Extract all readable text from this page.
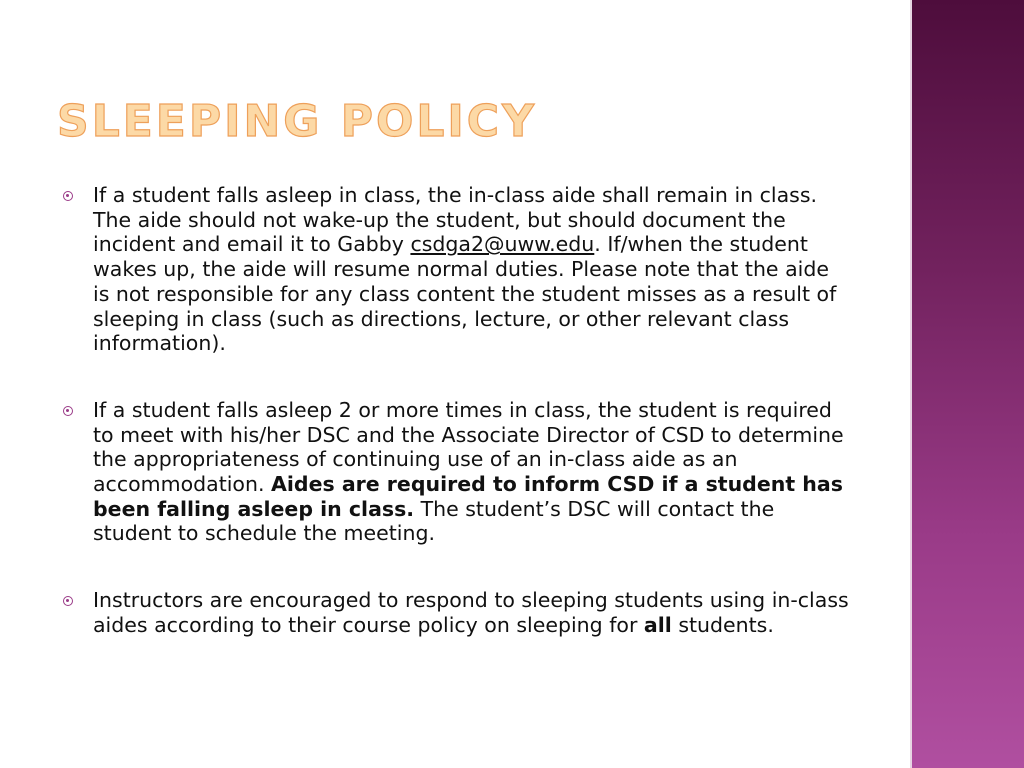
SLEEPING POLICY
If a student falls asleep in class, the in-class aide shall remain in class. The aide should not wake-up the student, but should document the incident and email it to Gabby csdga2@uww.edu. If/when the student wakes up, the aide will resume normal duties. Please note that the aide is not responsible for any class content the student misses as a result of sleeping in class (such as directions, lecture, or other relevant class information).
If a student falls asleep 2 or more times in class, the student is required to meet with his/her DSC and the Associate Director of CSD to determine the appropriateness of continuing use of an in-class aide as an accommodation. Aides are required to inform CSD if a student has been falling asleep in class. The student’s DSC will contact the student to schedule the meeting.
Instructors are encouraged to respond to sleeping students using in-class aides according to their course policy on sleeping for all students.
